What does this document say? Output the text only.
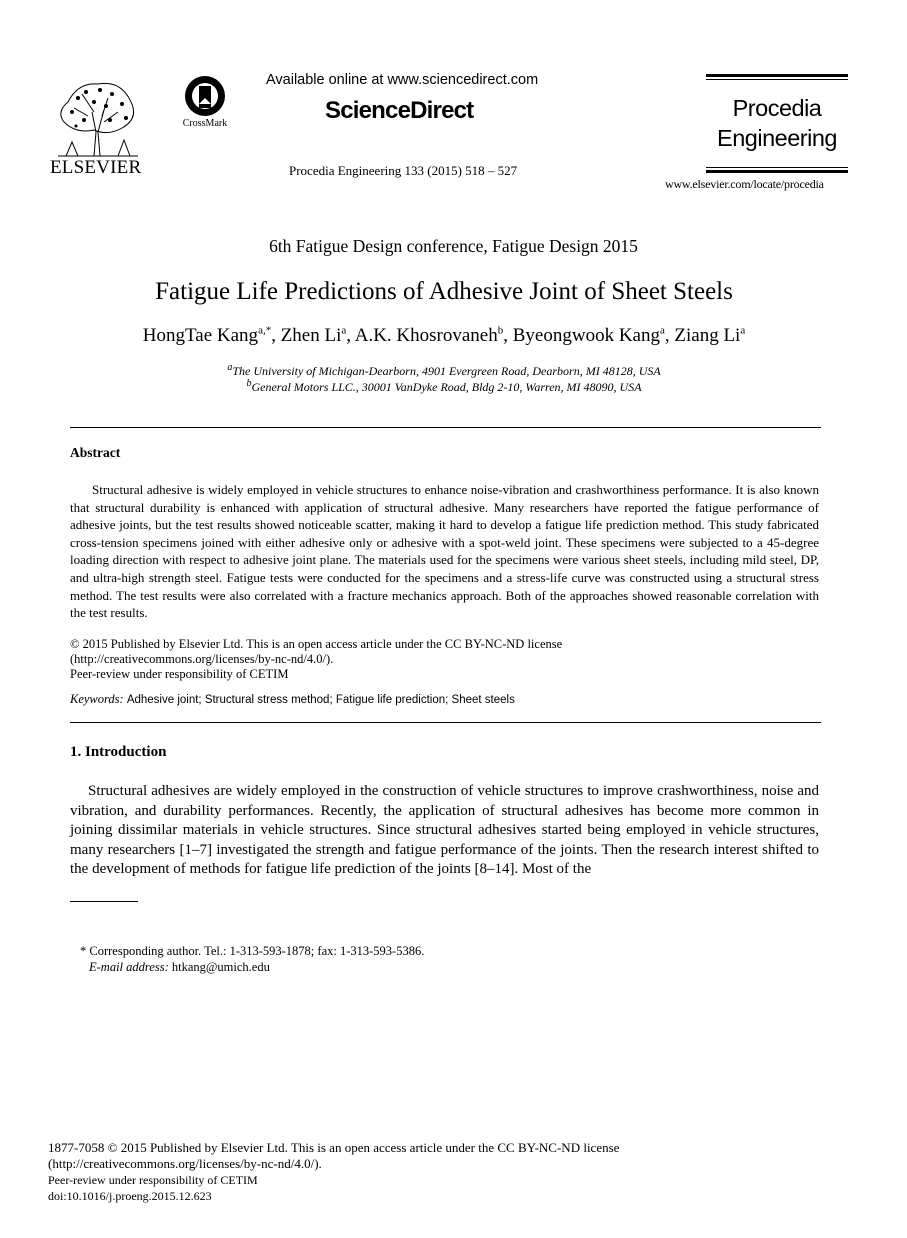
ELSEVIER
CrossMark
Available online at www.sciencedirect.com
ScienceDirect
Procedia Engineering 133 (2015) 518 – 527
Procedia
Engineering
www.elsevier.com/locate/procedia
6th Fatigue Design conference, Fatigue Design 2015
Fatigue Life Predictions of Adhesive Joint of Sheet Steels
HongTae Kang$^{a,*}$, Zhen Li$^a$, A.K. Khosrovaneh$^b$, Byeongwook Kang$^a$, Ziang Li$^a$
$^a$The University of Michigan-Dearborn, 4901 Evergreen Road, Dearborn, MI 48128, USA
$^b$General Motors LLC., 30001 VanDyke Road, Bldg 2-10, Warren, MI 48090, USA
Abstract
Structural adhesive is widely employed in vehicle structures to enhance noise-vibration and crashworthiness performance. It is also known that structural durability is enhanced with application of structural adhesive. Many researchers have reported the fatigue performance of adhesive joints, but the test results showed noticeable scatter, making it hard to develop a fatigue life prediction method. This study fabricated cross-tension specimens joined with either adhesive only or adhesive with a spot-weld joint. These specimens were subjected to a 45-degree loading direction with respect to adhesive joint plane. The materials used for the specimens were various sheet steels, including mild steel, DP, and ultra-high strength steel. Fatigue tests were conducted for the specimens and a stress-life curve was constructed using a structural stress method. The test results were also correlated with a fracture mechanics approach. Both of the approaches showed reasonable correlation with the test results.
© 2015 Published by Elsevier Ltd. This is an open access article under the CC BY-NC-ND license
(http://creativecommons.org/licenses/by-nc-nd/4.0/).
Peer-review under responsibility of CETIM
Keywords: Adhesive joint; Structural stress method; Fatigue life prediction; Sheet steels
1. Introduction
Structural adhesives are widely employed in the construction of vehicle structures to improve crashworthiness, noise and vibration, and durability performances. Recently, the application of structural adhesives has become more common in joining dissimilar materials in vehicle structures. Since structural adhesives started being employed in vehicle structures, many researchers [1–7] investigated the strength and fatigue performance of the joints. Then the research interest shifted to the development of methods for fatigue life prediction of the joints [8–14]. Most of the
* Corresponding author. Tel.: 1-313-593-1878; fax: 1-313-593-5386.
E-mail address: htkang@umich.edu
1877-7058 © 2015 Published by Elsevier Ltd. This is an open access article under the CC BY-NC-ND license
(http://creativecommons.org/licenses/by-nc-nd/4.0/).
Peer-review under responsibility of CETIM
doi:10.1016/j.proeng.2015.12.623
